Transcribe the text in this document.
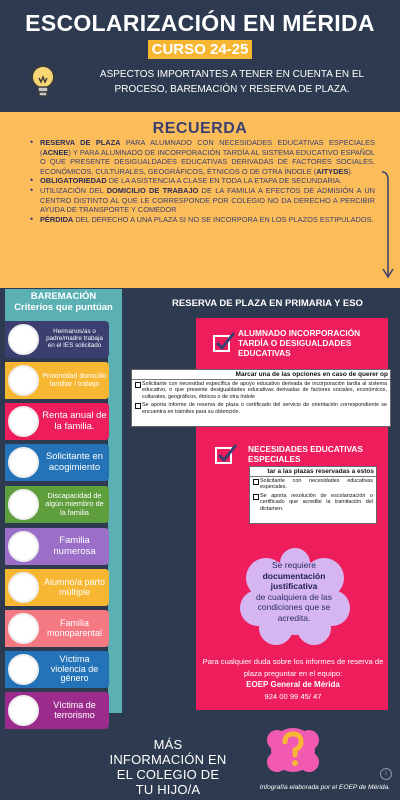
ESCOLARIZACIÓN EN MÉRIDA
CURSO 24-25
ASPECTOS IMPORTANTES A TENER EN CUENTA EN EL PROCESO, BAREMACIÓN Y RESERVA DE PLAZA.
RECUERDA
• RESERVA DE PLAZA PARA ALUMNADO CON NECESIDADES EDUCATIVAS ESPECIALES (ACNEE) Y PARA ALUMNADO DE INCORPORACIÓN TARDÍA AL SISTEMA EDUCATIVO ESPAÑOL O QUE PRESENTE DESIGUALDADES EDUCATIVAS DERIVADAS DE FACTORES SOCIALES, ECONÓMICOS, CULTURALES, GEOGRÁFICOS, ÉTNICOS O DE OTRA ÍNDOLE (AITYDES).
• OBLIGATORIEDAD DE LA ASISTENCIA A CLASE EN TODA LA ETAPA DE SECUNDARIA.
• UTILIZACIÓN DEL DOMICILIO DE TRABAJO DE LA FAMILIA A EFECTOS DE ADMISIÓN A UN CENTRO DISTINTO AL QUE LE CORRESPONDE POR COLEGIO NO DA DERECHO A PERCIBIR AYUDA DE TRANSPORTE Y COMEDOR
• PÉRDIDA DEL DERECHO A UNA PLAZA SI NO SE INCORPORA EN LOS PLAZOS ESTIPULADOS.
BAREMACIÓN
Criterios que puntúan
Hermanos/as o padre/madre trabaja en el IES solicitado
Proximidad domicilio familiar / trabajo
Renta anual de la familia.
Solicitante en acogimiento
Discapacidad de algún miembro de la familia
Familia numerosa
Alumno/a parto múltiple
Familia monoparental
Víctima violencia de género
Víctima de terrorismo
RESERVA DE PLAZA EN PRIMARIA Y ESO
ALUMNADO INCORPORACIÓN
TARDÍA O DESIGUALDADES
EDUCATIVAS
Marcar una de las opciones en caso de querer op
Solicitante con necesidad específica de apoyo educativo derivada de incorporación tardía al sistema educativo, o que presente desigualdades educativas derivadas de factores sociales, económicos, culturales, geográficos, étnicos o de otra índole
Se aporta informe de reserva de plaza o certificado del servicio de orientación correspondiente se encuentra en trámites para su obtención.
NECESIDADES EDUCATIVAS
ESPECIALES
tar a las plazas reservadas a estos
Solicitante con necesidades educativas especiales.
Se aporta resolución de escolarización o certificado que acredite la tramitación del dictamen.
Se requiere
documentación justificativa
de cualquiera de las condiciones que se acredita.
Para cualquier duda sobre los informes de reserva de plaza preguntar en el equipo:
EOEP General de Mérida
924 00 99 45/ 47
MÁS INFORMACIÓN EN EL COLEGIO DE TU HIJO/A	Infografía elaborada por el EOEP de Mérida.
i
